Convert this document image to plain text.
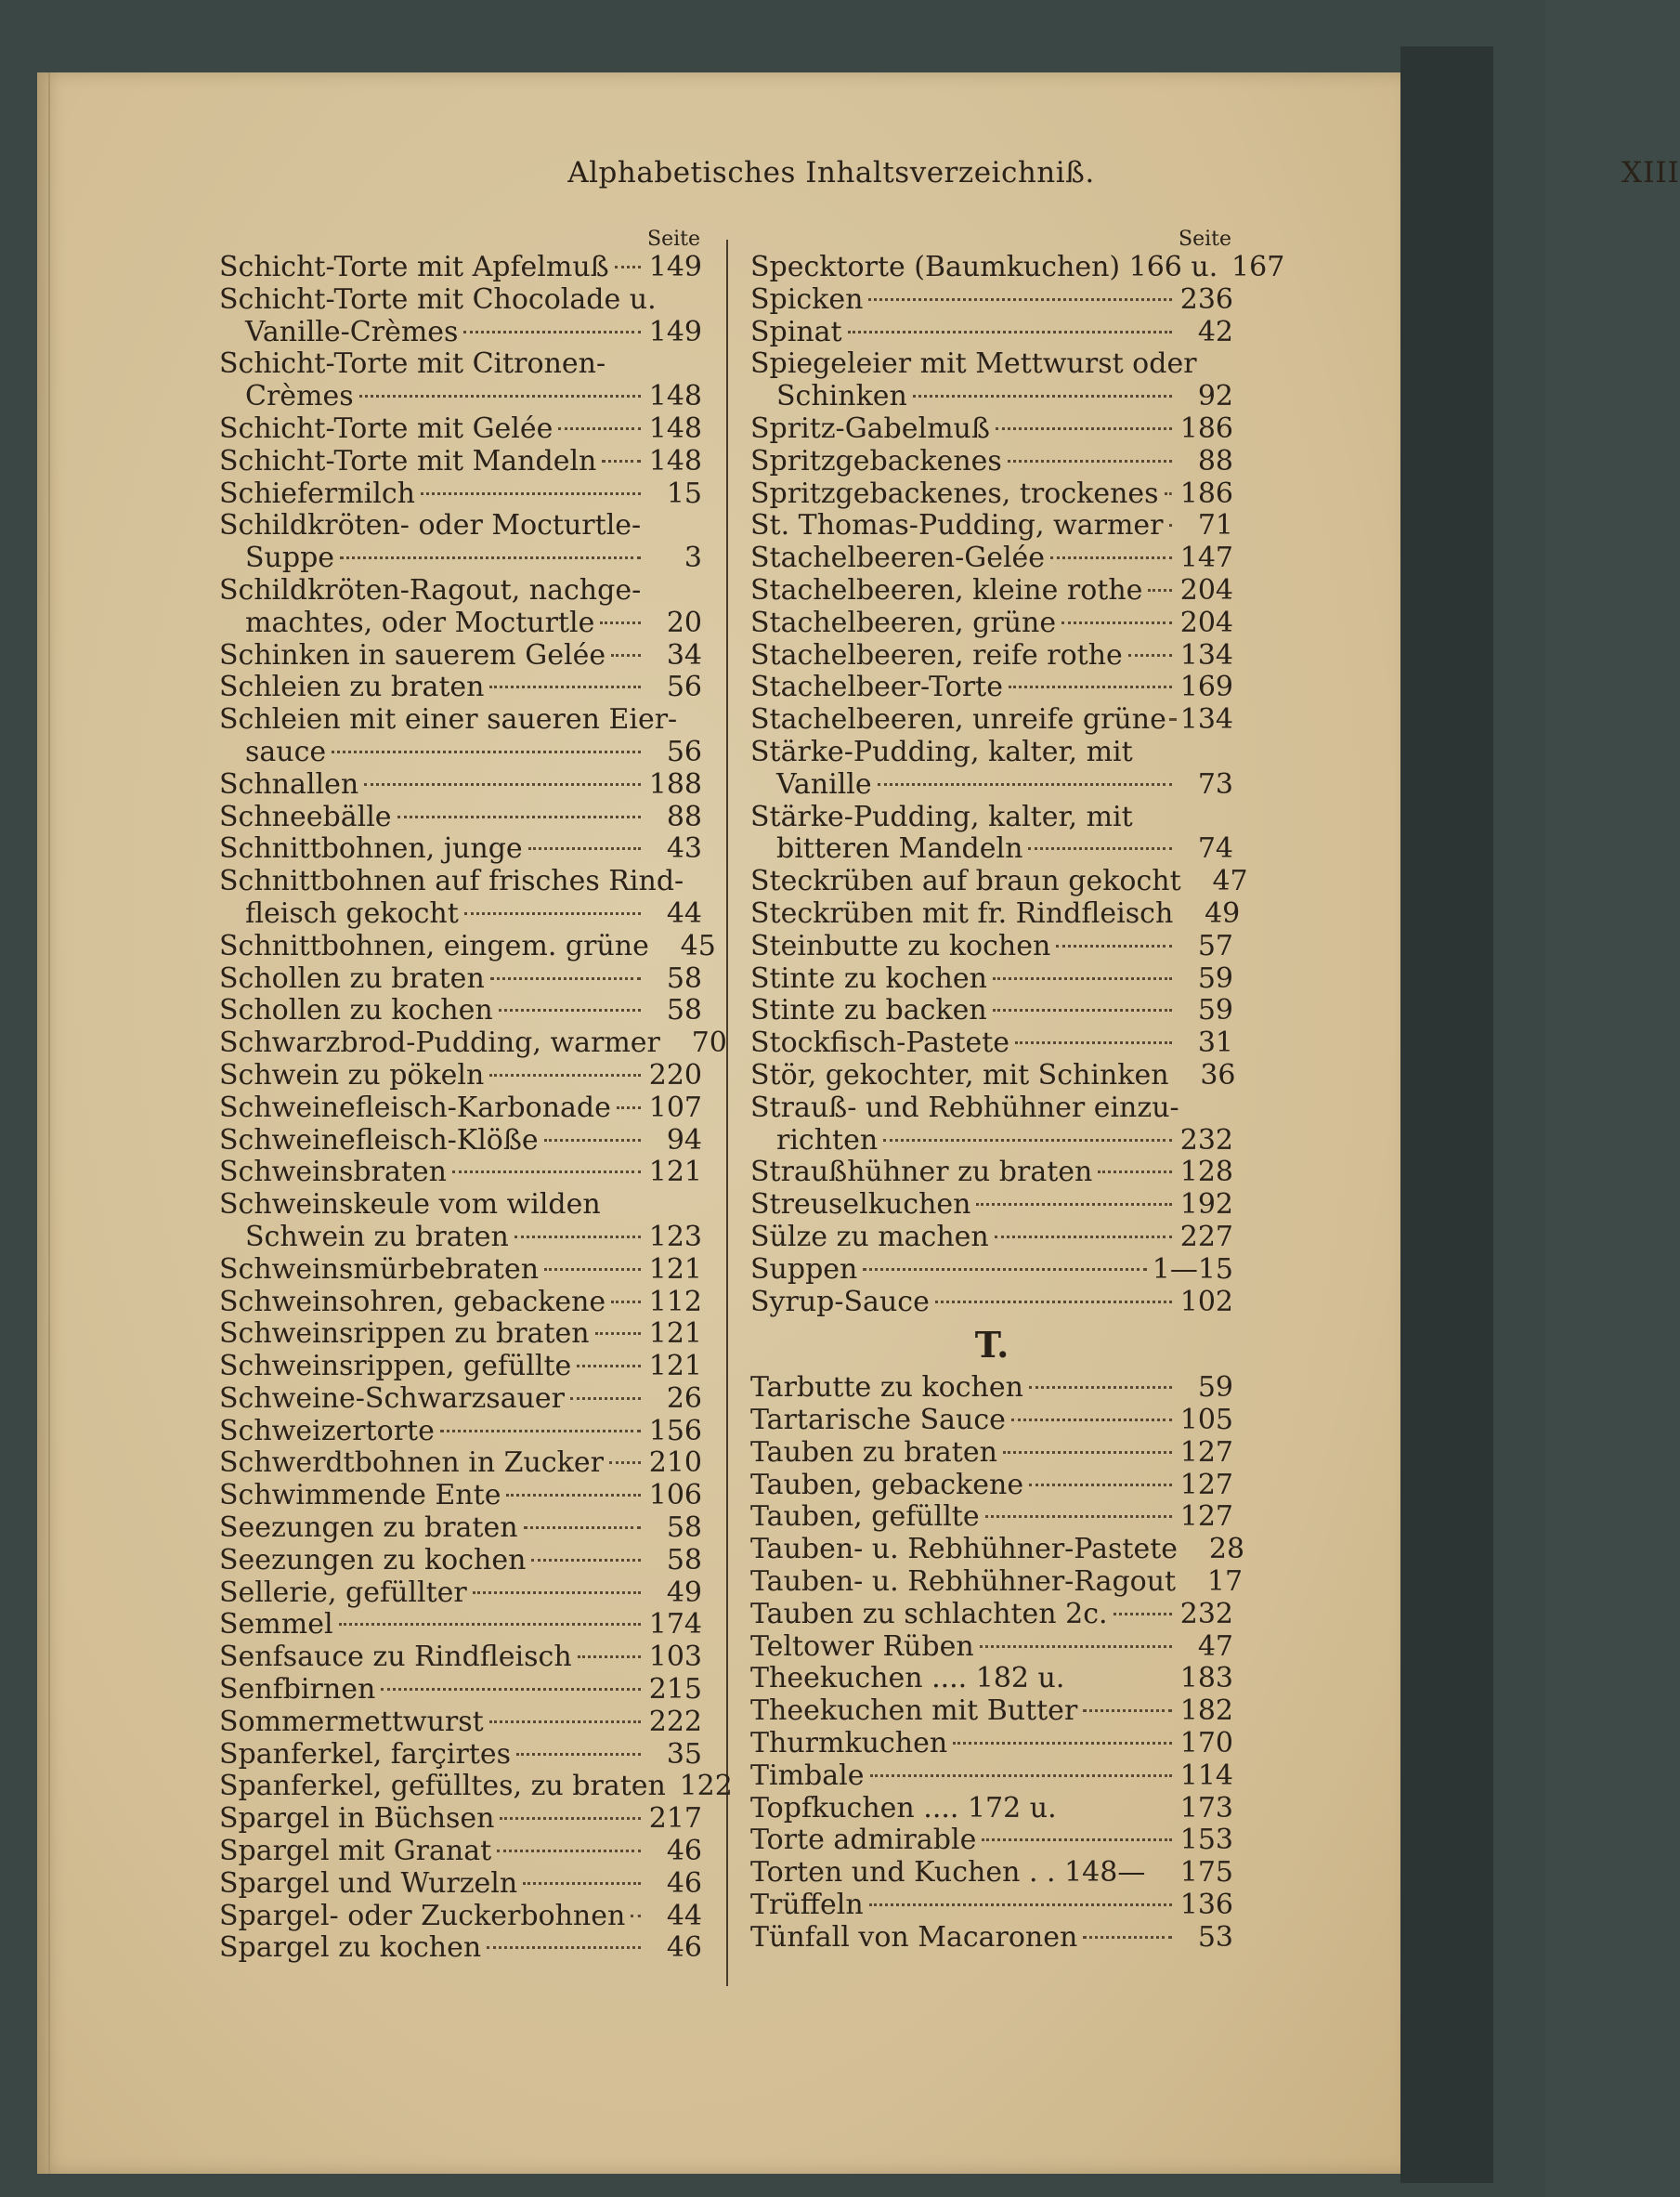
Alphabetisches Inhaltsverzeichniß.	XIII
Seite
Schicht-Torte mit Apfelmuß 149
Schicht-Torte mit Chocolade u.
Vanille-Crèmes	149
Schicht-Torte mit Citronen-
Crèmes	148
Schicht-Torte mit Gelée	148
Schicht-Torte mit Mandeln 148
Schiefermilch	15
Schildkröten- oder Mocturtle-
Suppe	3
Schildkröten-Ragout, nachge-
machtes, oder Mocturtle	20
Schinken in sauerem Gelée	34
Schleien zu braten	56
Schleien mit einer saueren Eier-
sauce	56
Schnallen	188
Schneebälle	88
Schnittbohnen, junge	43
Schnittbohnen auf frisches Rind-
fleisch gekocht	44
Schnittbohnen, eingem. grüne	45
Schollen zu braten	58
Schollen zu kochen	58
Schwarzbrod-Pudding, warmer	70
Schwein zu pökeln	220
Schweinefleisch-Karbonade 107
Schweinefleisch-Klöße	94
Schweinsbraten	121
Schweinskeule vom wilden
Schwein zu braten	123
Schweinsmürbebraten	121
Schweinsohren, gebackene 112
Schweinsrippen zu braten 121
Schweinsrippen, gefüllte	121
Schweine-Schwarzsauer	26
Schweizertorte	156
Schwerdtbohnen in Zucker 210
Schwimmende Ente	106
Seezungen zu braten	58
Seezungen zu kochen	58
Sellerie, gefüllter	49
Semmel	174
Senfsauce zu Rindfleisch	103
Senfbirnen	215
Sommermettwurst	222
Spanferkel, farçirtes	35
Spanferkel, gefülltes, zu braten 122
Spargel in Büchsen	217
Spargel mit Granat	46
Spargel und Wurzeln	46
Spargel- oder Zuckerbohnen	44
Spargel zu kochen	46
Seite
Specktorte (Baumkuchen) 166 u. 167
Spicken	236
Spinat	42
Spiegeleier mit Mettwurst oder
Schinken	92
Spritz-Gabelmuß	186
Spritzgebackenes	88
Spritzgebackenes, trockenes 186
St. Thomas-Pudding, warmer	71
Stachelbeeren-Gelée	147
Stachelbeeren, kleine rothe 204
Stachelbeeren, grüne	204
Stachelbeeren, reife rothe 134
Stachelbeer-Torte	169
Stachelbeeren, unreife grüne 134
Stärke-Pudding, kalter, mit
Vanille	73
Stärke-Pudding, kalter, mit
bitteren Mandeln	74
Steckrüben auf braun gekocht	47
Steckrüben mit fr. Rindfleisch	49
Steinbutte zu kochen	57
Stinte zu kochen	59
Stinte zu backen	59
Stockfisch-Pastete	31
Stör, gekochter, mit Schinken	36
Strauß- und Rebhühner einzu-
richten	232
Straußhühner zu braten	128
Streuselkuchen	192
Sülze zu machen	227
Suppen	1—15
Syrup-Sauce	102
T.
Tarbutte zu kochen	59
Tartarische Sauce	105
Tauben zu braten	127
Tauben, gebackene	127
Tauben, gefüllte	127
Tauben- u. Rebhühner-Pastete	28
Tauben- u. Rebhühner-Ragout	17
Tauben zu schlachten 2c.	232
Teltower Rüben	47
Theekuchen .... 182 u.	183
Theekuchen mit Butter	182
Thurmkuchen	170
Timbale	114
Topfkuchen .... 172 u.	173
Torte admirable	153
Torten und Kuchen . . 148— 175
Trüffeln	136
Tünfall von Macaronen	53
